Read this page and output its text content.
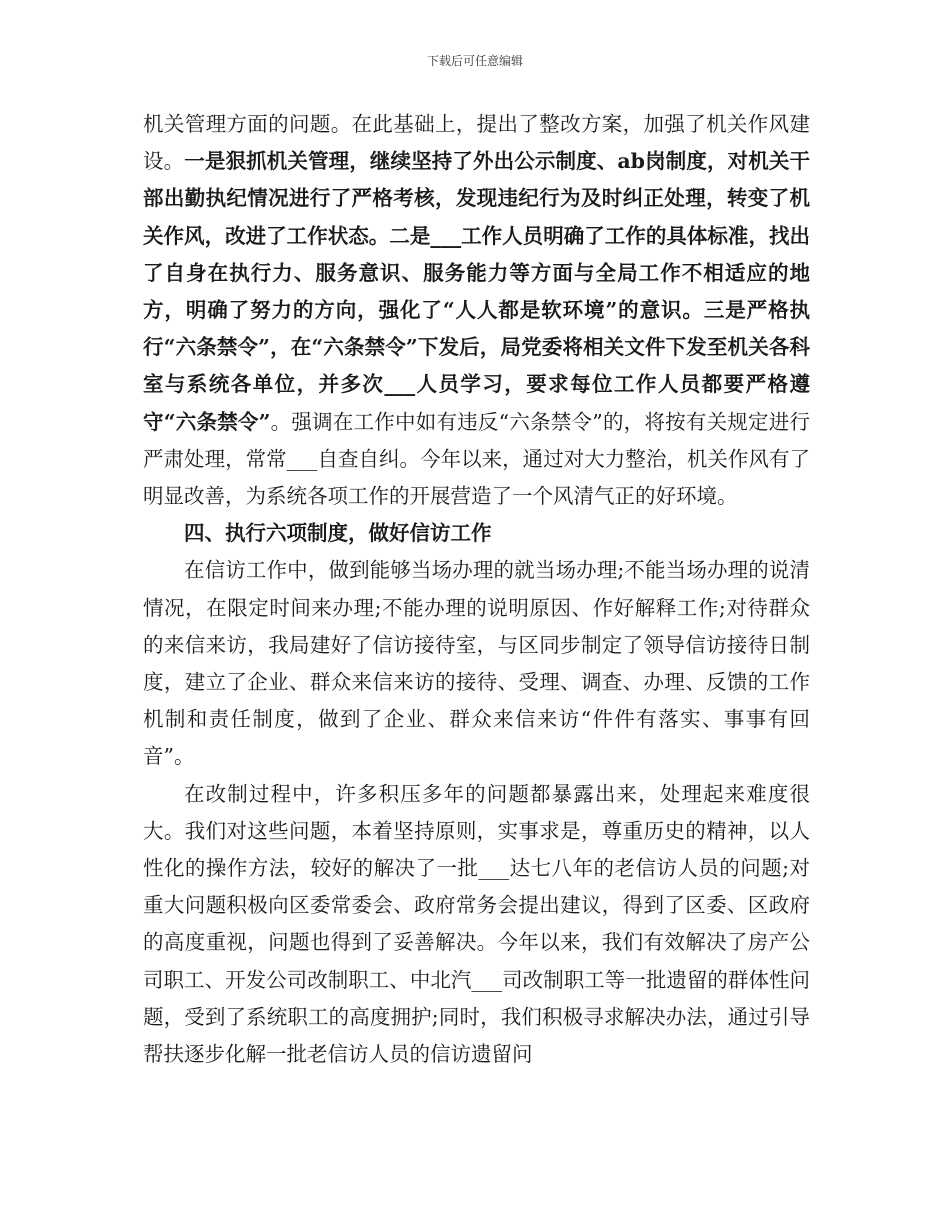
下载后可任意编辑

机关管理方面的问题。在此基础上，提出了整改方案，加强了机关作风建设。一是狠抓机关管理，继续坚持了外出公示制度、ab岗制度，对机关干部出勤执纪情况进行了严格考核，发现违纪行为及时纠正处理，转变了机关作风，改进了工作状态。二是___工作人员明确了工作的具体标准，找出了自身在执行力、服务意识、服务能力等方面与全局工作不相适应的地方，明确了努力的方向，强化了“人人都是软环境”的意识。三是严格执行“六条禁令”，在“六条禁令”下发后，局党委将相关文件下发至机关各科室与系统各单位，并多次___人员学习，要求每位工作人员都要严格遵守“六条禁令”。强调在工作中如有违反“六条禁令”的，将按有关规定进行严肃处理，常常___自查自纠。今年以来，通过对大力整治，机关作风有了明显改善，为系统各项工作的开展营造了一个风清气正的好环境。

四、执行六项制度，做好信访工作

在信访工作中，做到能够当场办理的就当场办理;不能当场办理的说清情况，在限定时间来办理;不能办理的说明原因、作好解释工作;对待群众的来信来访，我局建好了信访接待室，与区同步制定了领导信访接待日制度，建立了企业、群众来信来访的接待、受理、调查、办理、反馈的工作机制和责任制度，做到了企业、群众来信来访“件件有落实、事事有回音”。

在改制过程中，许多积压多年的问题都暴露出来，处理起来难度很大。我们对这些问题，本着坚持原则，实事求是，尊重历史的精神，以人性化的操作方法，较好的解决了一批___达七八年的老信访人员的问题;对重大问题积极向区委常委会、政府常务会提出建议，得到了区委、区政府的高度重视，问题也得到了妥善解决。今年以来，我们有效解决了房产公司职工、开发公司改制职工、中北汽___司改制职工等一批遗留的群体性问题，受到了系统职工的高度拥护;同时，我们积极寻求解决办法，通过引导帮扶逐步化解一批老信访人员的信访遗留问
